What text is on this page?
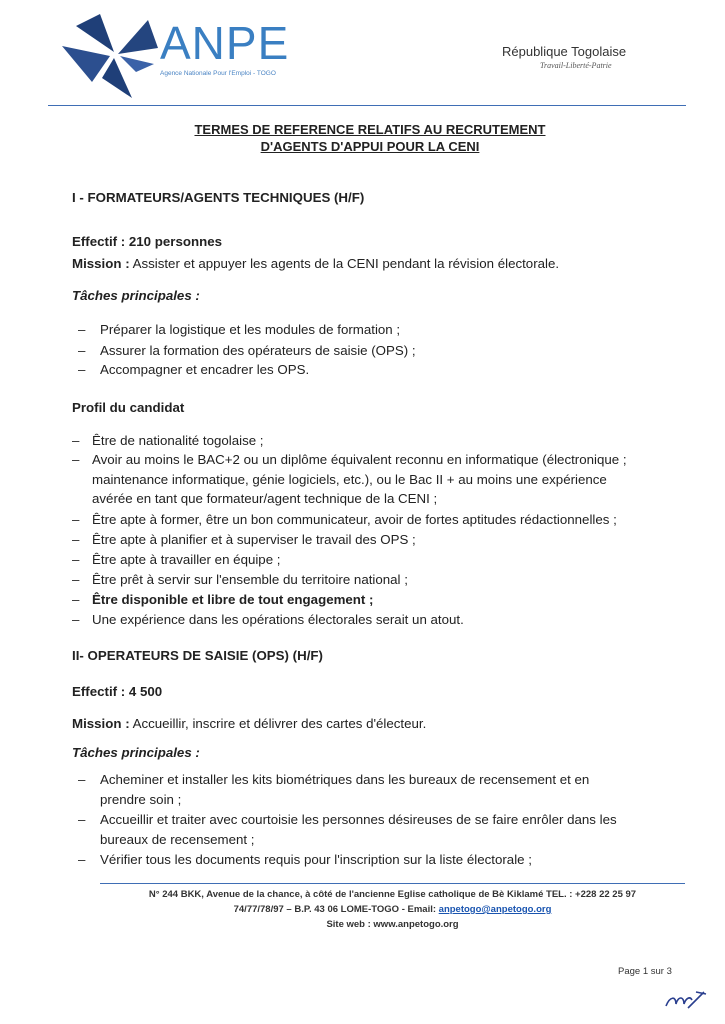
ANPE
Agence Nationale Pour l'Emploi - TOGO
République Togolaise
Travail-Liberté-Patrie
TERMES DE REFERENCE RELATIFS AU RECRUTEMENT
D'AGENTS D'APPUI POUR LA CENI
I - FORMATEURS/AGENTS TECHNIQUES (H/F)
Effectif : 210 personnes
Mission : Assister et appuyer les agents de la CENI pendant la révision électorale.
Tâches principales :
– Préparer la logistique et les modules de formation ;
– Assurer la formation des opérateurs de saisie (OPS) ;
– Accompagner et encadrer les OPS.
Profil du candidat
– Être de nationalité togolaise ;
– Avoir au moins le BAC+2 ou un diplôme équivalent reconnu en informatique (électronique ;
maintenance informatique, génie logiciels, etc.), ou le Bac II + au moins une expérience
avérée en tant que formateur/agent technique de la CENI ;
– Être apte à former, être un bon communicateur, avoir de fortes aptitudes rédactionnelles ;
– Être apte à planifier et à superviser le travail des OPS ;
– Être apte à travailler en équipe ;
– Être prêt à servir sur l'ensemble du territoire national ;
– Être disponible et libre de tout engagement ;
– Une expérience dans les opérations électorales serait un atout.
II- OPERATEURS DE SAISIE (OPS) (H/F)
Effectif : 4 500
Mission : Accueillir, inscrire et délivrer des cartes d'électeur.
Tâches principales :
– Acheminer et installer les kits biométriques dans les bureaux de recensement et en
prendre soin ;
– Accueillir et traiter avec courtoisie les personnes désireuses de se faire enrôler dans les
bureaux de recensement ;
– Vérifier tous les documents requis pour l'inscription sur la liste électorale ;
N° 244 BKK, Avenue de la chance, à côté de l'ancienne Eglise catholique de Bè Kiklamé TEL. : +228 22 25 97
74/77/78/97 – B.P. 43 06 LOME-TOGO - Email: anpetogo@anpetogo.org
Site web : www.anpetogo.org
Page 1 sur 3
